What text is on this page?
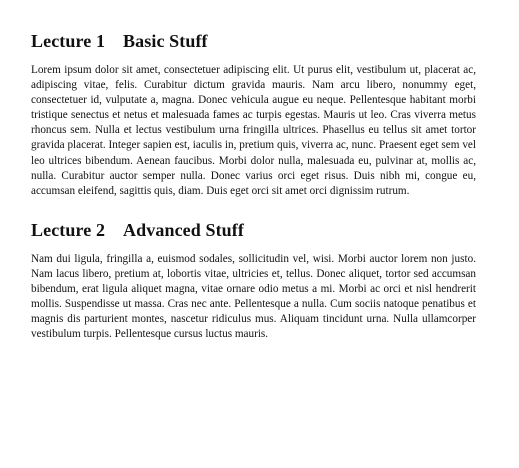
Lecture 1 Basic Stuff

Lorem ipsum dolor sit amet, consectetuer adipiscing elit. Ut purus elit, vestibulum ut, placerat ac, adipiscing vitae, felis. Curabitur dictum gravida mauris. Nam arcu libero, nonummy eget, consectetuer id, vulputate a, magna. Donec vehicula augue eu neque. Pellentesque habitant morbi tristique senectus et netus et malesuada fames ac turpis egestas. Mauris ut leo. Cras viverra metus rhoncus sem. Nulla et lectus vestibulum urna fringilla ultrices. Phasellus eu tellus sit amet tortor gravida placerat. Integer sapien est, iaculis in, pretium quis, viverra ac, nunc. Praesent eget sem vel leo ultrices bibendum. Aenean faucibus. Morbi dolor nulla, malesuada eu, pulvinar at, mollis ac, nulla. Curabitur auctor semper nulla. Donec varius orci eget risus. Duis nibh mi, congue eu, accumsan eleifend, sagittis quis, diam. Duis eget orci sit amet orci dignissim rutrum.

Lecture 2 Advanced Stuff

Nam dui ligula, fringilla a, euismod sodales, sollicitudin vel, wisi. Morbi auctor lorem non justo. Nam lacus libero, pretium at, lobortis vitae, ultricies et, tellus. Donec aliquet, tortor sed accumsan bibendum, erat ligula aliquet magna, vitae ornare odio metus a mi. Morbi ac orci et nisl hendrerit mollis. Suspendisse ut massa. Cras nec ante. Pellentesque a nulla. Cum sociis natoque penatibus et magnis dis parturient montes, nascetur ridiculus mus. Aliquam tincidunt urna. Nulla ullamcorper vestibulum turpis. Pellentesque cursus luctus mauris.
